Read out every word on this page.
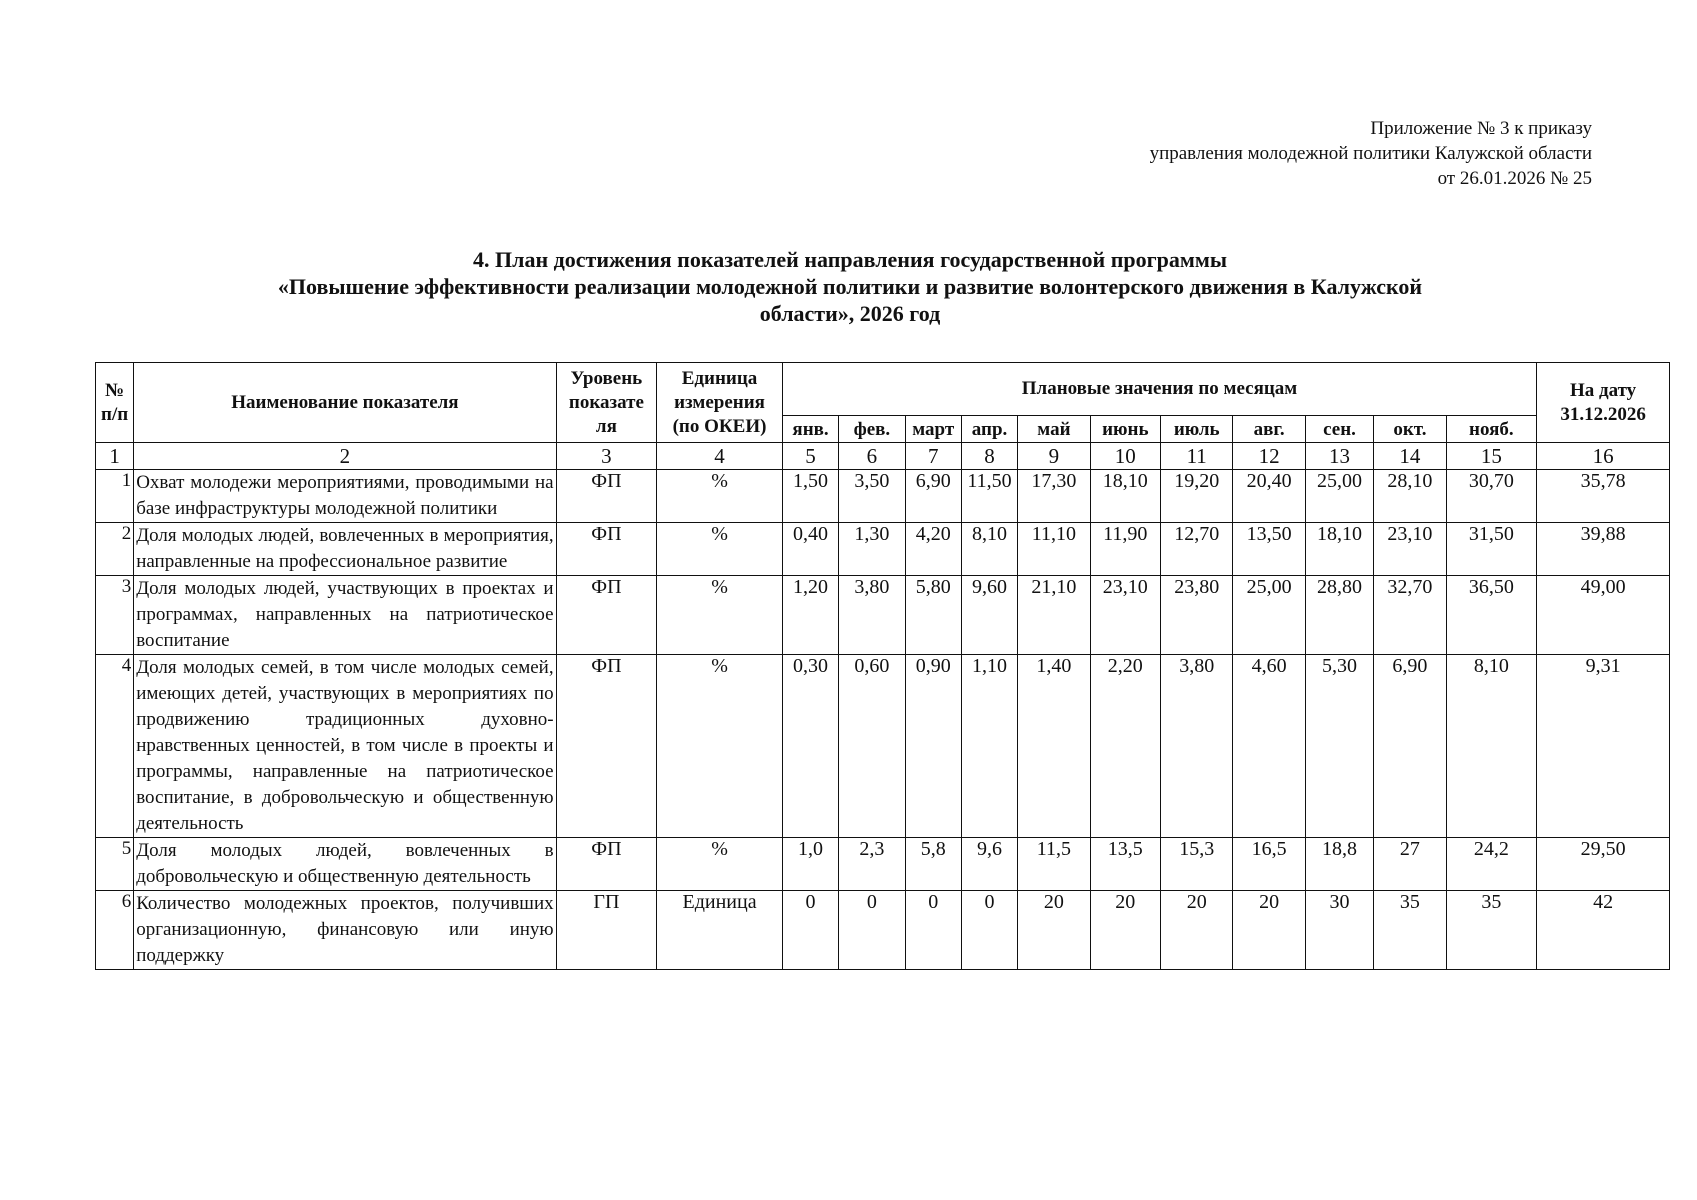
Приложение № 3 к приказу
управления молодежной политики Калужской области
от 26.01.2026 № 25
4. План достижения показателей направления государственной программы
«Повышение эффективности реализации молодежной политики и развитие волонтерского движения в Калужской
области», 2026 год
№ п/п	Наименование показателя	Уровень показате ля	Единица измерения (по ОКЕИ)	Плановые значения по месяцам											На дату 31.12.2026
				янв.	фев.	март	апр.	май	июнь	июль	авг.	сен.	окт.	нояб.	
1	2	3	4	5	6	7	8	9	10	11	12	13	14	15	16
1	Охват молодежи мероприятиями, проводимыми на базе инфраструктуры молодежной политики	ФП	%	1,50	3,50	6,90	11,50	17,30	18,10	19,20	20,40	25,00	28,10	30,70	35,78
2	Доля молодых людей, вовлеченных в мероприятия, направленные на профессиональное развитие	ФП	%	0,40	1,30	4,20	8,10	11,10	11,90	12,70	13,50	18,10	23,10	31,50	39,88
3	Доля молодых людей, участвующих в проектах и программах, направленных на патриотическое воспитание	ФП	%	1,20	3,80	5,80	9,60	21,10	23,10	23,80	25,00	28,80	32,70	36,50	49,00
4	Доля молодых семей, в том числе молодых семей, имеющих детей, участвующих в мероприятиях по продвижению традиционных духовно-нравственных ценностей, в том числе в проекты и программы, направленные на патриотическое воспитание, в добровольческую и общественную деятельность	ФП	%	0,30	0,60	0,90	1,10	1,40	2,20	3,80	4,60	5,30	6,90	8,10	9,31
5	Доля молодых людей, вовлеченных в добровольческую и общественную деятельность	ФП	%	1,0	2,3	5,8	9,6	11,5	13,5	15,3	16,5	18,8	27	24,2	29,50
6	Количество молодежных проектов, получивших организационную, финансовую или иную поддержку	ГП	Единица	0	0	0	0	20	20	20	20	30	35	35	42
